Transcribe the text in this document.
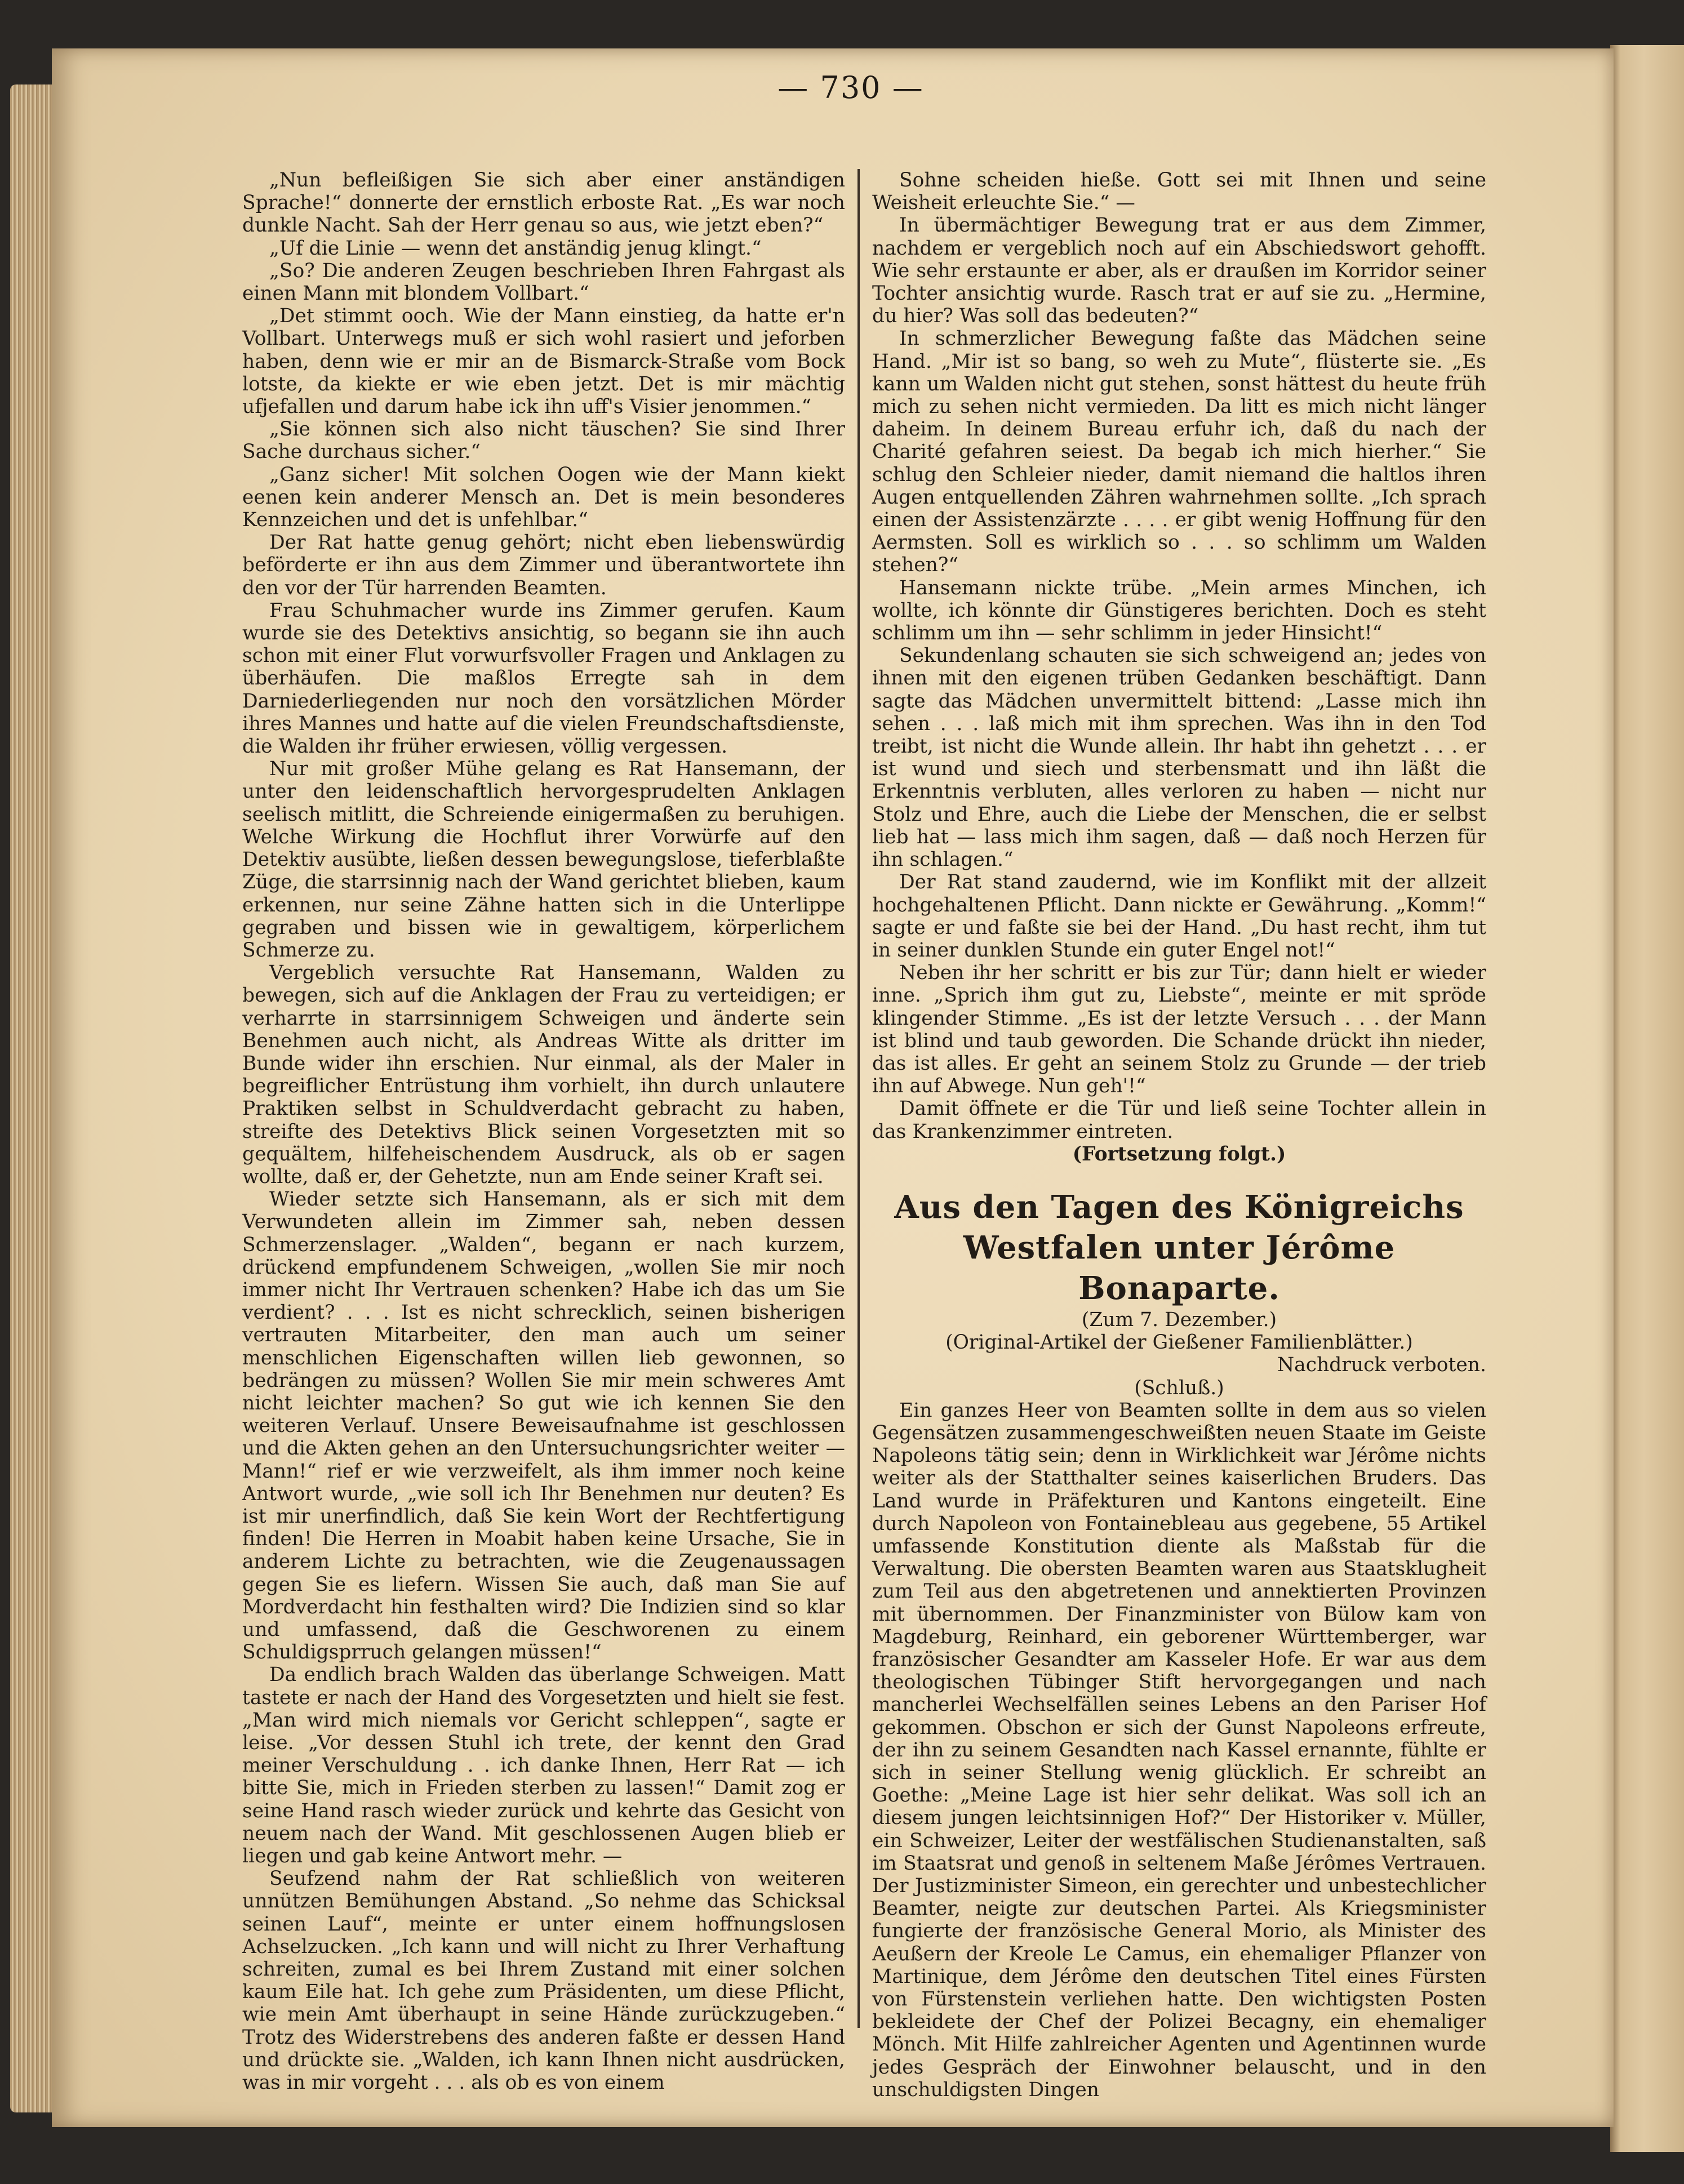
— 730 —

„Nun befleißigen Sie sich aber einer anständigen Sprache!“ donnerte der ernstlich erboste Rat. „Es war noch dunkle Nacht. Sah der Herr genau so aus, wie jetzt eben?“

„Uf die Linie — wenn det anständig jenug klingt.“

„So? Die anderen Zeugen beschrieben Ihren Fahrgast als einen Mann mit blondem Vollbart.“

„Det stimmt ooch. Wie der Mann einstieg, da hatte er'n Vollbart. Unterwegs muß er sich wohl rasiert und jeforben haben, denn wie er mir an de Bismarck-Straße vom Bock lotste, da kiekte er wie eben jetzt. Det is mir mächtig ufjefallen und darum habe ick ihn uff's Visier jenommen.“

„Sie können sich also nicht täuschen? Sie sind Ihrer Sache durchaus sicher.“

„Ganz sicher! Mit solchen Oogen wie der Mann kiekt eenen kein anderer Mensch an. Det is mein besonderes Kennzeichen und det is unfehlbar.“

Der Rat hatte genug gehört; nicht eben liebenswürdig beförderte er ihn aus dem Zimmer und überantwortete ihn den vor der Tür harrenden Beamten.

Frau Schuhmacher wurde ins Zimmer gerufen. Kaum wurde sie des Detektivs ansichtig, so begann sie ihn auch schon mit einer Flut vorwurfsvoller Fragen und Anklagen zu überhäufen. Die maßlos Erregte sah in dem Darniederliegenden nur noch den vorsätzlichen Mörder ihres Mannes und hatte auf die vielen Freundschaftsdienste, die Walden ihr früher erwiesen, völlig vergessen.

Nur mit großer Mühe gelang es Rat Hansemann, der unter den leidenschaftlich hervorgesprudelten Anklagen seelisch mitlitt, die Schreiende einigermaßen zu beruhigen. Welche Wirkung die Hochflut ihrer Vorwürfe auf den Detektiv ausübte, ließen dessen bewegungslose, tieferblaßte Züge, die starrsinnig nach der Wand gerichtet blieben, kaum erkennen, nur seine Zähne hatten sich in die Unterlippe gegraben und bissen wie in gewaltigem, körperlichem Schmerze zu.

Vergeblich versuchte Rat Hansemann, Walden zu bewegen, sich auf die Anklagen der Frau zu verteidigen; er verharrte in starrsinnigem Schweigen und änderte sein Benehmen auch nicht, als Andreas Witte als dritter im Bunde wider ihn erschien. Nur einmal, als der Maler in begreiflicher Entrüstung ihm vorhielt, ihn durch unlautere Praktiken selbst in Schuldverdacht gebracht zu haben, streifte des Detektivs Blick seinen Vorgesetzten mit so gequältem, hilfeheischendem Ausdruck, als ob er sagen wollte, daß er, der Gehetzte, nun am Ende seiner Kraft sei.

Wieder setzte sich Hansemann, als er sich mit dem Verwundeten allein im Zimmer sah, neben dessen Schmerzenslager. „Walden“, begann er nach kurzem, drückend empfundenem Schweigen, „wollen Sie mir noch immer nicht Ihr Vertrauen schenken? Habe ich das um Sie verdient? . . . Ist es nicht schrecklich, seinen bisherigen vertrauten Mitarbeiter, den man auch um seiner menschlichen Eigenschaften willen lieb gewonnen, so bedrängen zu müssen? Wollen Sie mir mein schweres Amt nicht leichter machen? So gut wie ich kennen Sie den weiteren Verlauf. Unsere Beweisaufnahme ist geschlossen und die Akten gehen an den Untersuchungsrichter weiter — Mann!“ rief er wie verzweifelt, als ihm immer noch keine Antwort wurde, „wie soll ich Ihr Benehmen nur deuten? Es ist mir unerfindlich, daß Sie kein Wort der Rechtfertigung finden! Die Herren in Moabit haben keine Ursache, Sie in anderem Lichte zu betrachten, wie die Zeugenaussagen gegen Sie es liefern. Wissen Sie auch, daß man Sie auf Mordverdacht hin festhalten wird? Die Indizien sind so klar und umfassend, daß die Geschworenen zu einem Schuldigsprruch gelangen müssen!“

Da endlich brach Walden das überlange Schweigen. Matt tastete er nach der Hand des Vorgesetzten und hielt sie fest. „Man wird mich niemals vor Gericht schleppen“, sagte er leise. „Vor dessen Stuhl ich trete, der kennt den Grad meiner Verschuldung . . ich danke Ihnen, Herr Rat — ich bitte Sie, mich in Frieden sterben zu lassen!“ Damit zog er seine Hand rasch wieder zurück und kehrte das Gesicht von neuem nach der Wand. Mit geschlossenen Augen blieb er liegen und gab keine Antwort mehr. —

Seufzend nahm der Rat schließlich von weiteren unnützen Bemühungen Abstand. „So nehme das Schicksal seinen Lauf“, meinte er unter einem hoffnungslosen Achselzucken. „Ich kann und will nicht zu Ihrer Verhaftung schreiten, zumal es bei Ihrem Zustand mit einer solchen kaum Eile hat. Ich gehe zum Präsidenten, um diese Pflicht, wie mein Amt überhaupt in seine Hände zurückzugeben.“ Trotz des Widerstrebens des anderen faßte er dessen Hand und drückte sie. „Walden, ich kann Ihnen nicht ausdrücken, was in mir vorgeht . . . als ob es von einem

Sohne scheiden hieße. Gott sei mit Ihnen und seine Weisheit erleuchte Sie.“ —

In übermächtiger Bewegung trat er aus dem Zimmer, nachdem er vergeblich noch auf ein Abschiedswort gehofft. Wie sehr erstaunte er aber, als er draußen im Korridor seiner Tochter ansichtig wurde. Rasch trat er auf sie zu. „Hermine, du hier? Was soll das bedeuten?“

In schmerzlicher Bewegung faßte das Mädchen seine Hand. „Mir ist so bang, so weh zu Mute“, flüsterte sie. „Es kann um Walden nicht gut stehen, sonst hättest du heute früh mich zu sehen nicht vermieden. Da litt es mich nicht länger daheim. In deinem Bureau erfuhr ich, daß du nach der Charité gefahren seiest. Da begab ich mich hierher.“ Sie schlug den Schleier nieder, damit niemand die haltlos ihren Augen entquellenden Zähren wahrnehmen sollte. „Ich sprach einen der Assistenzärzte . . . . er gibt wenig Hoffnung für den Aermsten. Soll es wirklich so . . . so schlimm um Walden stehen?“

Hansemann nickte trübe. „Mein armes Minchen, ich wollte, ich könnte dir Günstigeres berichten. Doch es steht schlimm um ihn — sehr schlimm in jeder Hinsicht!“

Sekundenlang schauten sie sich schweigend an; jedes von ihnen mit den eigenen trüben Gedanken beschäftigt. Dann sagte das Mädchen unvermittelt bittend: „Lasse mich ihn sehen . . . laß mich mit ihm sprechen. Was ihn in den Tod treibt, ist nicht die Wunde allein. Ihr habt ihn gehetzt . . . er ist wund und siech und sterbensmatt und ihn läßt die Erkenntnis verbluten, alles verloren zu haben — nicht nur Stolz und Ehre, auch die Liebe der Menschen, die er selbst lieb hat — lass mich ihm sagen, daß — daß noch Herzen für ihn schlagen.“

Der Rat stand zaudernd, wie im Konflikt mit der allzeit hochgehaltenen Pflicht. Dann nickte er Gewährung. „Komm!“ sagte er und faßte sie bei der Hand. „Du hast recht, ihm tut in seiner dunklen Stunde ein guter Engel not!“

Neben ihr her schritt er bis zur Tür; dann hielt er wieder inne. „Sprich ihm gut zu, Liebste“, meinte er mit spröde klingender Stimme. „Es ist der letzte Versuch . . . der Mann ist blind und taub geworden. Die Schande drückt ihn nieder, das ist alles. Er geht an seinem Stolz zu Grunde — der trieb ihn auf Abwege. Nun geh'!“

Damit öffnete er die Tür und ließ seine Tochter allein in das Krankenzimmer eintreten.

(Fortsetzung folgt.)

Aus den Tagen des Königreichs Westfalen unter Jérôme Bonaparte.

(Zum 7. Dezember.)

(Original-Artikel der Gießener Familienblätter.)

Nachdruck verboten.

(Schluß.)

Ein ganzes Heer von Beamten sollte in dem aus so vielen Gegensätzen zusammengeschweißten neuen Staate im Geiste Napoleons tätig sein; denn in Wirklichkeit war Jérôme nichts weiter als der Statthalter seines kaiserlichen Bruders. Das Land wurde in Präfekturen und Kantons eingeteilt. Eine durch Napoleon von Fontainebleau aus gegebene, 55 Artikel umfassende Konstitution diente als Maßstab für die Verwaltung. Die obersten Beamten waren aus Staatsklugheit zum Teil aus den abgetretenen und annektierten Provinzen mit übernommen. Der Finanzminister von Bülow kam von Magdeburg, Reinhard, ein geborener Württemberger, war französischer Gesandter am Kasseler Hofe. Er war aus dem theologischen Tübinger Stift hervorgegangen und nach mancherlei Wechselfällen seines Lebens an den Pariser Hof gekommen. Obschon er sich der Gunst Napoleons erfreute, der ihn zu seinem Gesandten nach Kassel ernannte, fühlte er sich in seiner Stellung wenig glücklich. Er schreibt an Goethe: „Meine Lage ist hier sehr delikat. Was soll ich an diesem jungen leichtsinnigen Hof?“ Der Historiker v. Müller, ein Schweizer, Leiter der westfälischen Studienanstalten, saß im Staatsrat und genoß in seltenem Maße Jérômes Vertrauen. Der Justizminister Simeon, ein gerechter und unbestechlicher Beamter, neigte zur deutschen Partei. Als Kriegsminister fungierte der französische General Morio, als Minister des Aeußern der Kreole Le Camus, ein ehemaliger Pflanzer von Martinique, dem Jérôme den deutschen Titel eines Fürsten von Fürstenstein verliehen hatte. Den wichtigsten Posten bekleidete der Chef der Polizei Becagny, ein ehemaliger Mönch. Mit Hilfe zahlreicher Agenten und Agentinnen wurde jedes Gespräch der Einwohner belauscht, und in den unschuldigsten Dingen
